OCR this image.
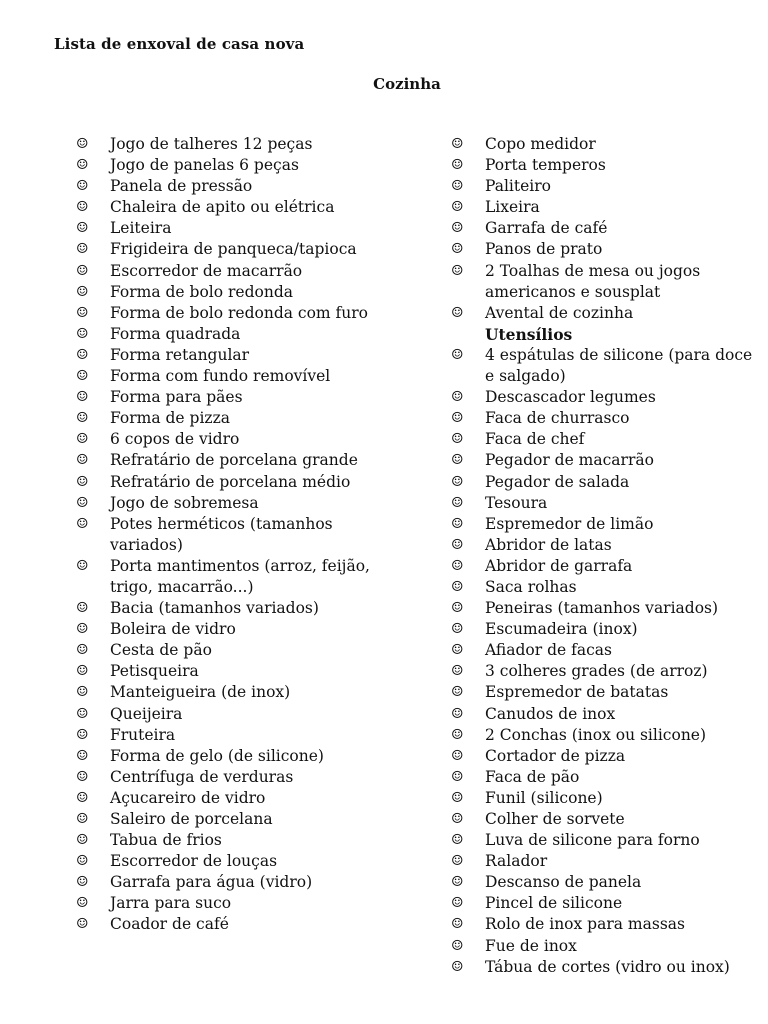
Lista de enxoval de casa nova
Cozinha
☺	Jogo de talheres 12 peças
☺	Jogo de panelas 6 peças
☺	Panela de pressão
☺	Chaleira de apito ou elétrica
☺	Leiteira
☺	Frigideira de panqueca/tapioca
☺	Escorredor de macarrão
☺	Forma de bolo redonda
☺	Forma de bolo redonda com furo
☺	Forma quadrada
☺	Forma retangular
☺	Forma com fundo removível
☺	Forma para pães
☺	Forma de pizza
☺	6 copos de vidro
☺	Refratário de porcelana grande
☺	Refratário de porcelana médio
☺	Jogo de sobremesa
☺	Potes herméticos (tamanhos variados)
☺	Porta mantimentos (arroz, feijão, trigo, macarrão...)
☺	Bacia (tamanhos variados)
☺	Boleira de vidro
☺	Cesta de pão
☺	Petisqueira
☺	Manteigueira (de inox)
☺	Queijeira
☺	Fruteira
☺	Forma de gelo (de silicone)
☺	Centrífuga de verduras
☺	Açucareiro de vidro
☺	Saleiro de porcelana
☺	Tabua de frios
☺	Escorredor de louças
☺	Garrafa para água (vidro)
☺	Jarra para suco
☺	Coador de café
☺	Copo medidor
☺	Porta temperos
☺	Paliteiro
☺	Lixeira
☺	Garrafa de café
☺	Panos de prato
☺	2 Toalhas de mesa ou jogos americanos e sousplat
☺	Avental de cozinha
Utensílios
☺	4 espátulas de silicone (para doce e salgado)
☺	Descascador legumes
☺	Faca de churrasco
☺	Faca de chef
☺	Pegador de macarrão
☺	Pegador de salada
☺	Tesoura
☺	Espremedor de limão
☺	Abridor de latas
☺	Abridor de garrafa
☺	Saca rolhas
☺	Peneiras (tamanhos variados)
☺	Escumadeira (inox)
☺	Afiador de facas
☺	3 colheres grades (de arroz)
☺	Espremedor de batatas
☺	Canudos de inox
☺	2 Conchas (inox ou silicone)
☺	Cortador de pizza
☺	Faca de pão
☺	Funil (silicone)
☺	Colher de sorvete
☺	Luva de silicone para forno
☺	Ralador
☺	Descanso de panela
☺	Pincel de silicone
☺	Rolo de inox para massas
☺	Fue de inox
☺	Tábua de cortes (vidro ou inox)
